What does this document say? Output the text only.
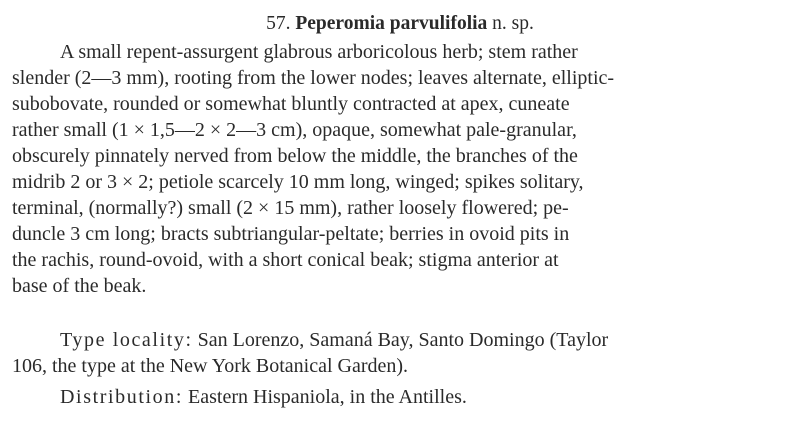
57. Peperomia parvulifolia n. sp.
A small repent-assurgent glabrous arboricolous herb; stem rather
slender (2—3 mm), rooting from the lower nodes; leaves alternate, elliptic-
subobovate, rounded or somewhat bluntly contracted at apex, cuneate
rather small (1 × 1,5—2 × 2—3 cm), opaque, somewhat pale-granular,
obscurely pinnately nerved from below the middle, the branches of the
midrib 2 or 3 × 2; petiole scarcely 10 mm long, winged; spikes solitary,
terminal, (normally?) small (2 × 15 mm), rather loosely flowered; pe-
duncle 3 cm long; bracts subtriangular-peltate; berries in ovoid pits in
the rachis, round-ovoid, with a short conical beak; stigma anterior at
base of the beak.
Type locality: San Lorenzo, Samaná Bay, Santo Domingo (Taylor
106, the type at the New York Botanical Garden).
Distribution: Eastern Hispaniola, in the Antilles.
